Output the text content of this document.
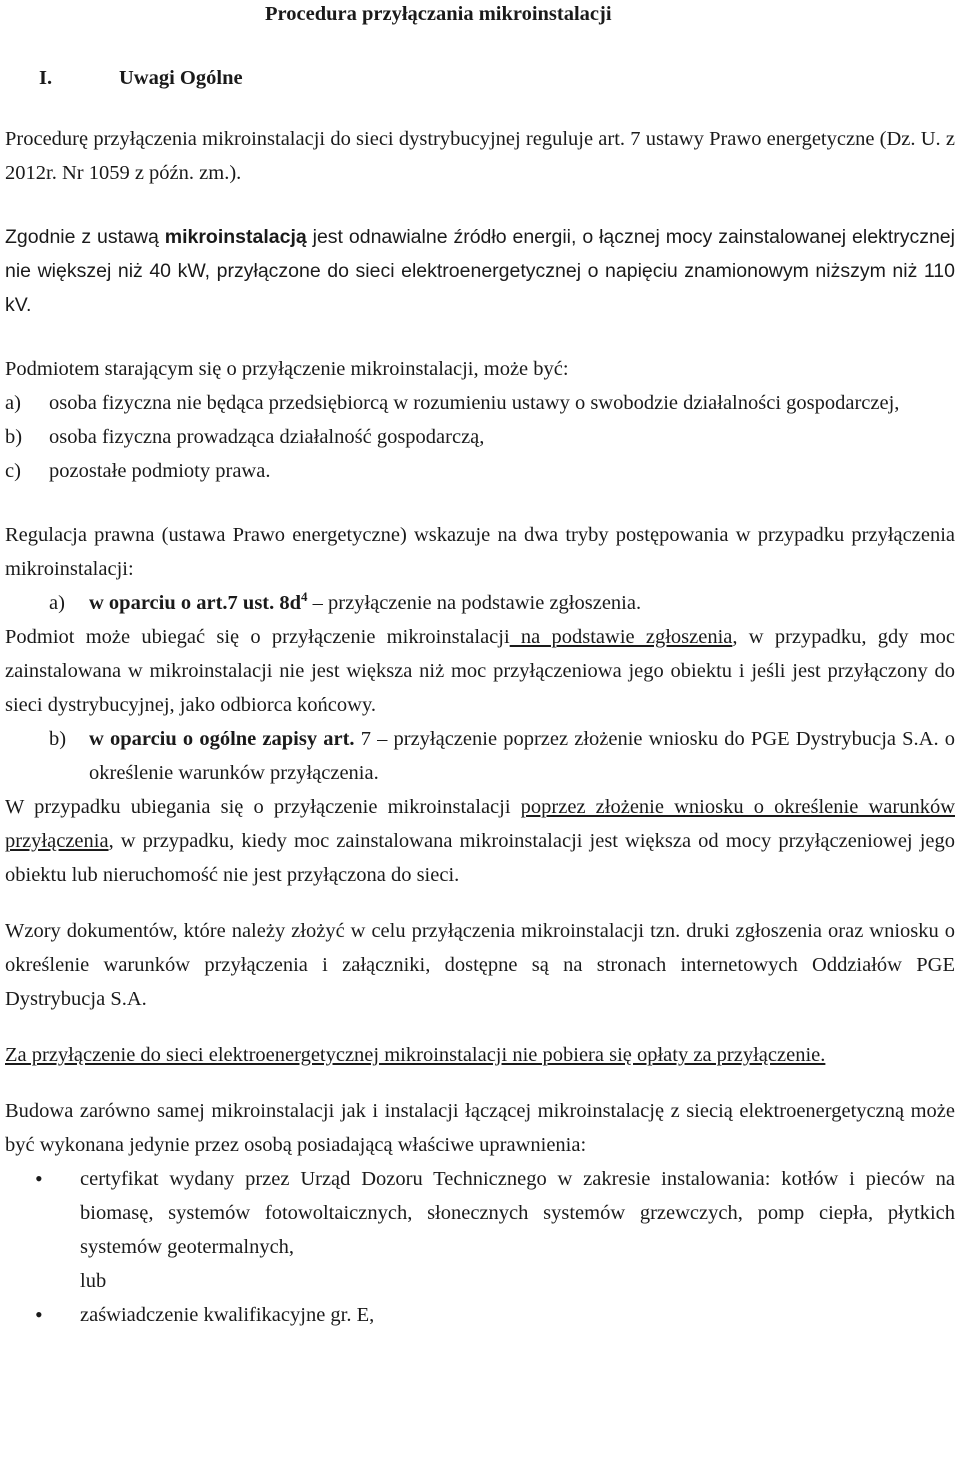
Procedura przyłączania mikroinstalacji

I.	Uwagi Ogólne

Procedurę przyłączenia mikroinstalacji do sieci dystrybucyjnej reguluje art. 7 ustawy Prawo energetyczne (Dz. U. z 2012r. Nr 1059 z późn. zm.).

Zgodnie z ustawą mikroinstalacją jest odnawialne źródło energii, o łącznej mocy zainstalowanej elektrycznej nie większej niż 40 kW, przyłączone do sieci elektroenergetycznej o napięciu znamionowym niższym niż 110 kV.

Podmiotem starającym się o przyłączenie mikroinstalacji, może być:

a)	osoba fizyczna nie będąca przedsiębiorcą w rozumieniu ustawy o swobodzie działalności gospodarczej,
b)	osoba fizyczna prowadząca działalność gospodarczą,
c)	pozostałe podmioty prawa.

Regulacja prawna (ustawa Prawo energetyczne) wskazuje na dwa tryby postępowania w przypadku przyłączenia mikroinstalacji:

a)	w oparciu o art.7 ust. $8d^4$ – przyłączenie na podstawie zgłoszenia.

Podmiot może ubiegać się o przyłączenie mikroinstalacji na podstawie zgłoszenia, w przypadku, gdy moc zainstalowana w mikroinstalacji nie jest większa niż moc przyłączeniowa jego obiektu i jeśli jest przyłączony do sieci dystrybucyjnej, jako odbiorca końcowy.

b)	w oparciu o ogólne zapisy art. 7 – przyłączenie poprzez złożenie wniosku do PGE Dystrybucja S.A. o określenie warunków przyłączenia.

W przypadku ubiegania się o przyłączenie mikroinstalacji poprzez złożenie wniosku o określenie warunków przyłączenia, w przypadku, kiedy moc zainstalowana mikroinstalacji jest większa od mocy przyłączeniowej jego obiektu lub nieruchomość nie jest przyłączona do sieci.

Wzory dokumentów, które należy złożyć w celu przyłączenia mikroinstalacji tzn. druki zgłoszenia oraz wniosku o określenie warunków przyłączenia i załączniki, dostępne są na stronach internetowych Oddziałów PGE Dystrybucja S.A.

Za przyłączenie do sieci elektroenergetycznej mikroinstalacji nie pobiera się opłaty za przyłączenie.

Budowa zarówno samej mikroinstalacji jak i instalacji łączącej mikroinstalację z siecią elektroenergetyczną może być wykonana jedynie przez osobą posiadającą właściwe uprawnienia:

•	certyfikat wydany przez Urząd Dozoru Technicznego w zakresie instalowania: kotłów i pieców na biomasę, systemów fotowoltaicznych, słonecznych systemów grzewczych, pomp ciepła, płytkich systemów geotermalnych,
lub
•	zaświadczenie kwalifikacyjne gr. E,
